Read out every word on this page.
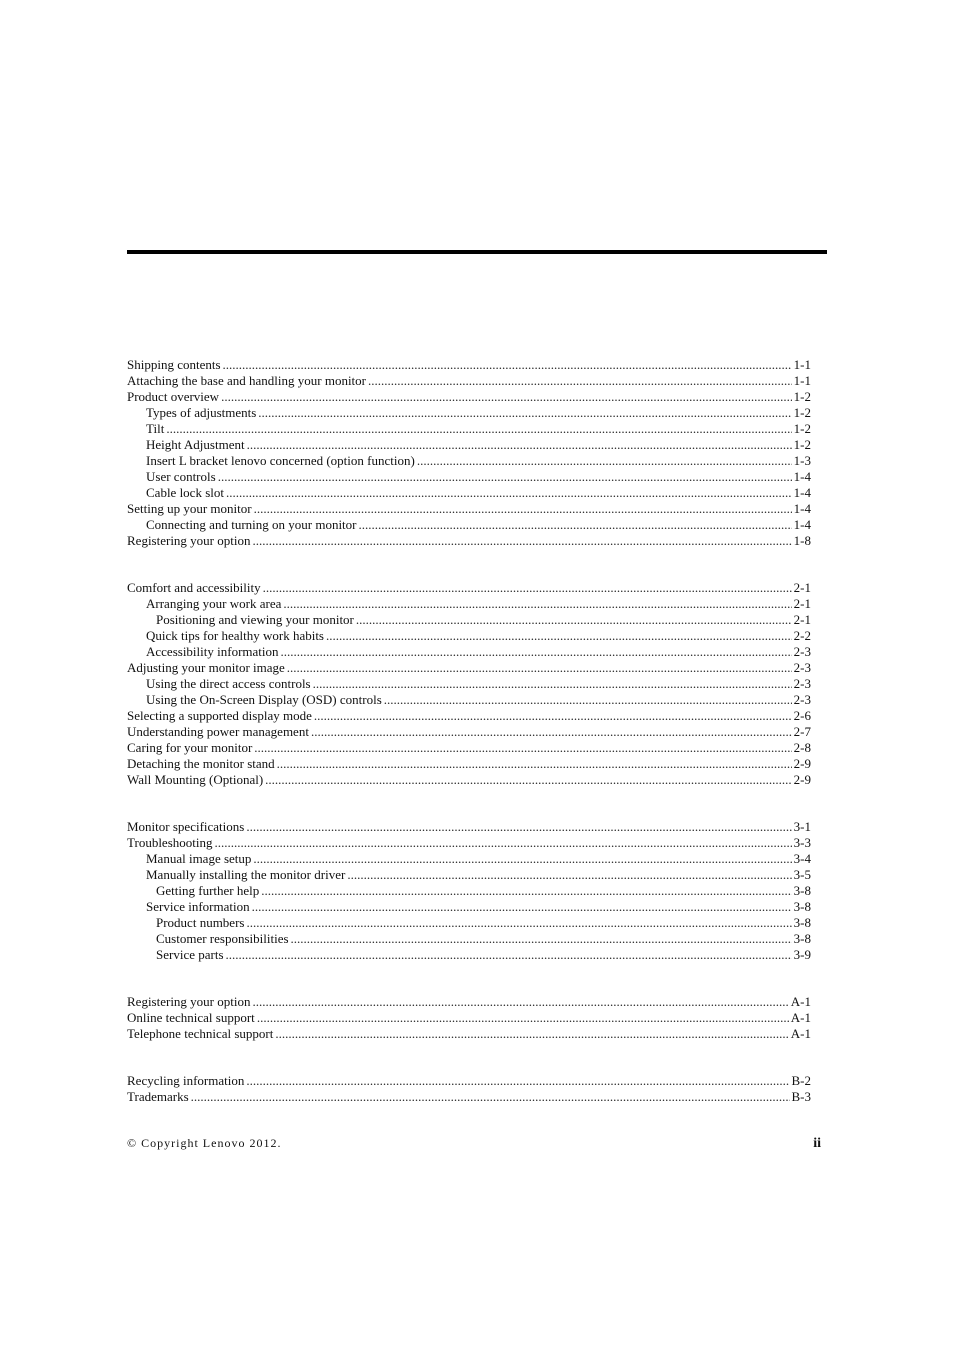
Shipping contents .....	1-1
Attaching the base and handling your monitor .....	1-1
Product overview .....	1-2
Types of adjustments .....	1-2
Tilt .....	1-2
Height Adjustment .....	1-2
Insert L bracket lenovo concerned (option function) .....	1-3
User controls .....	1-4
Cable lock slot .....	1-4
Setting up your monitor .....	1-4
Connecting and turning on your monitor .....	1-4
Registering your option .....	1-8
Comfort and accessibility .....	2-1
Arranging your work area .....	2-1
Positioning and viewing your monitor .....	2-1
Quick tips for healthy work habits .....	2-2
Accessibility information .....	2-3
Adjusting your monitor image .....	2-3
Using the direct access controls .....	2-3
Using the On-Screen Display (OSD) controls .....	2-3
Selecting a supported display mode .....	2-6
Understanding power management .....	2-7
Caring for your monitor .....	2-8
Detaching the monitor stand .....	2-9
Wall Mounting (Optional) .....	2-9
Monitor specifications .....	3-1
Troubleshooting .....	3-3
Manual image setup .....	3-4
Manually installing the monitor driver .....	3-5
Getting further help .....	3-8
Service information .....	3-8
Product numbers .....	3-8
Customer responsibilities .....	3-8
Service parts .....	3-9
Registering your option .....	A-1
Online technical support .....	A-1
Telephone technical support .....	A-1
Recycling information .....	B-2
Trademarks .....	B-3
© Copyright Lenovo 2012.	ii
